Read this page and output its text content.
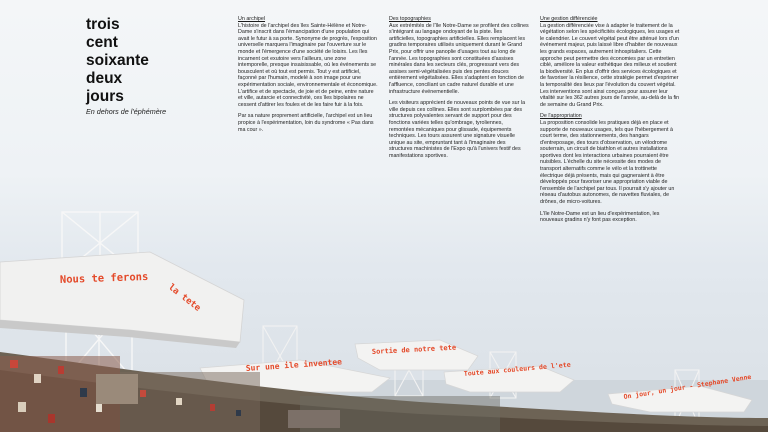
Nous te ferons
la tete
Sortie de notre tete
Sur une ile inventee	Toute aux couleurs de l'ete
On jour, un jour - Stephane Venne
trois
cent
soixante
deux
jours
En dehors de l'éphémère

Un archipel

L'histoire de l'archipel des îles Sainte-Hélène et Notre-Dame s'inscrit dans l'émancipation d'une population qui avait le futur à sa porte. Synonyme de progrès, l'exposition universelle marquera l'imaginaire par l'ouverture sur le monde et l'émergence d'une société de loisirs. Les îles incarnent cet exutoire vers l'ailleurs, une zone intemporelle, presque insaisissable, où les événements se bousculent et où tout est permis. Tout y est artificiel, façonné par l'humain, modelé à son image pour une expérimentation sociale, environnementale et économique. L'artifice et de spectacle, de joie et de peine, entre nature et ville, autarcie et connectivité, ces îles bipolaires ne cessent d'attirer les foules et de les faire fuir à la fois.

Par sa nature proprement artificielle, l'archipel est un lieu propice à l'expérimentation, loin du syndrome « Pas dans ma cour ».

Des topographies

Aux extrémités de l'île Notre-Dame se profilent des collines s'intégrant au langage ondoyant de la piste. Îles artificielles, topographies artificielles. Elles remplacent les gradins temporaires utilisés uniquement durant le Grand Prix, pour offrir une panoplie d'usages tout au long de l'année. Les topographies sont constituées d'assises minérales dans les secteurs clés, progressant vers des assises semi-végétalisées puis des pentes douces entièrement végétalisées. Elles s'adaptent en fonction de l'affluence, conciliant un cadre naturel durable et une infrastructure événementielle.

Les visiteurs apprécient de nouveaux points de vue sur la ville depuis ces collines. Elles sont surplombées par des structures polyvalentes servant de support pour des fonctions variées telles qu'ombrage, tyroliennes, remontées mécaniques pour glissade, équipements techniques. Les tours assurent une signature visuelle unique au site, empruntant tant à l'imaginaire des structures machinistes de l'Expo qu'à l'univers festif des manifestations sportives.

Une gestion différenciée

La gestion différenciée vise à adapter le traitement de la végétation selon les spécificités écologiques, les usages et le calendrier. Le couvert végétal peut être atténué lors d'un événement majeur, puis laissé libre d'habiter de nouveaux les grands espaces, autrement inhospitaliers. Cette approche peut permettre des économies par un entretien ciblé, améliore la valeur esthétique des milieux et soutient la biodiversité. En plus d'offrir des services écologiques et de favoriser la résilience, cette stratégie permet d'exprimer la temporalité des lieux par l'évolution du couvert végétal. Les interventions sont ainsi conçues pour assurer leur vitalité sur les 362 autres jours de l'année, au-delà de la fin de semaine du Grand Prix.

De l'appropriation

La proposition consolide les pratiques déjà en place et supporte de nouveaux usages, tels que l'hébergement à court terme, des stationnements, des hangars d'entreposage, des tours d'observation, un vélodrome souterrain, un circuit de biathlon et autres installations sportives dont les interactions urbaines pourraient être nuisibles. L'échelle du site nécessite des modes de transport alternatifs comme le vélo et la trottinette électrique déjà présents, mais qui gagneraient à être développés pour favoriser une appropriation viable de l'ensemble de l'archipel par tous. Il pourrait s'y ajouter un réseau d'autobus autonomes, de navettes fluviales, de drônes, de micro-voitures.

L'île Notre-Dame est un lieu d'expérimentation, les nouveaux gradins n'y font pas exception.
